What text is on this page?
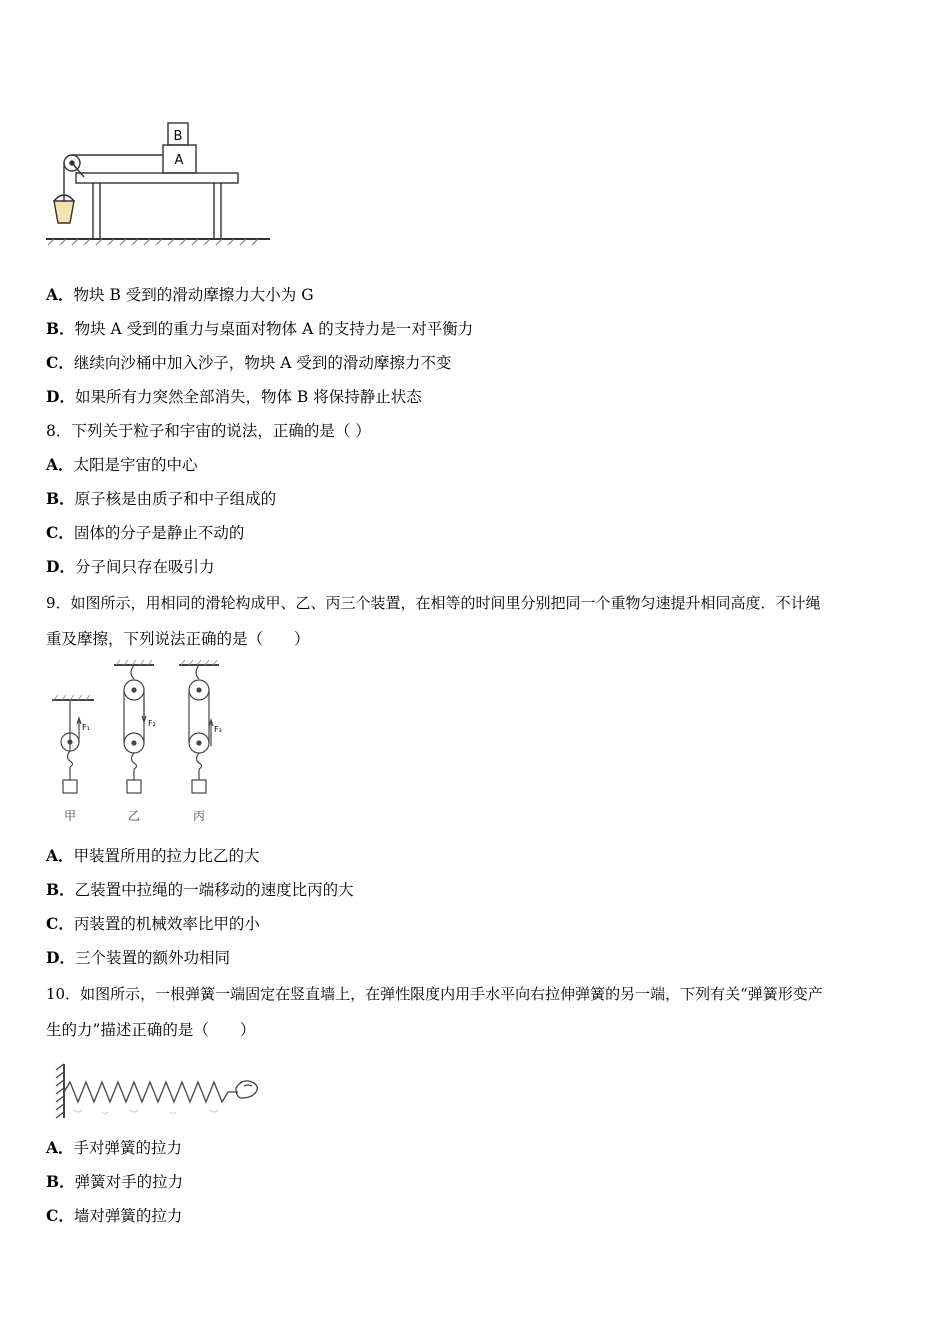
B
A
A．物块 B 受到的滑动摩擦力大小为 G
B．物块 A 受到的重力与桌面对物体 A 的支持力是一对平衡力
C．继续向沙桶中加入沙子，物块 A 受到的滑动摩擦力不变
D．如果所有力突然全部消失，物体 B 将保持静止状态
8．下列关于粒子和宇宙的说法，正确的是（ ）
A．太阳是宇宙的中心
B．原子核是由质子和中子组成的
C．固体的分子是静止不动的
D．分子间只存在吸引力
9．如图所示，用相同的滑轮构成甲、乙、丙三个装置，在相等的时间里分别把同一个重物匀速提升相同高度．不计绳
重及摩擦，下列说法正确的是（　　）
F₁	F₂
F₃
甲	乙	丙
A．甲装置所用的拉力比乙的大
B．乙装置中拉绳的一端移动的速度比丙的大
C．丙装置的机械效率比甲的小
D．三个装置的额外功相同
10．如图所示，一根弹簧一端固定在竖直墙上，在弹性限度内用手水平向右拉伸弹簧的另一端，下列有关“弹簧形变产
生的力”描述正确的是（　　）
A．手对弹簧的拉力
B．弹簧对手的拉力
C．墙对弹簧的拉力
